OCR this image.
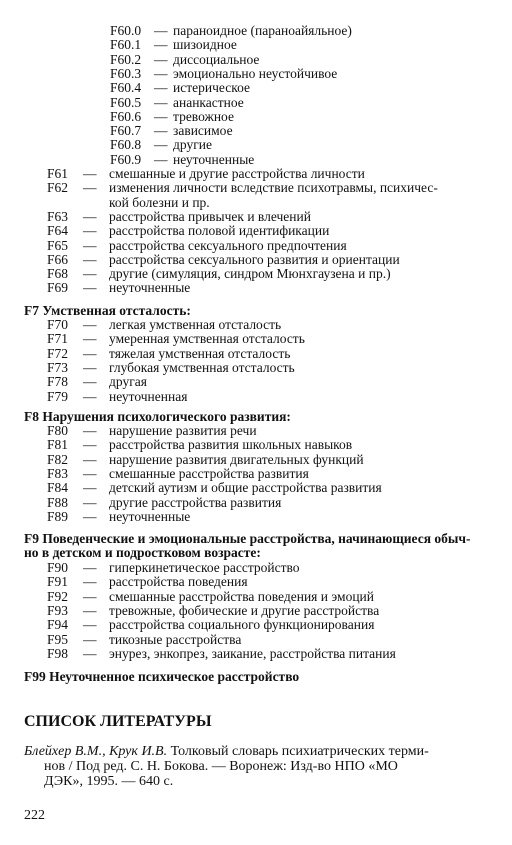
F60.0 — параноидное (параноайяльное)
F60.1 — шизоидное
F60.2 — диссоциальное
F60.3 — эмоционально неустойчивое
F60.4 — истерическое
F60.5 — ананкастное
F60.6 — тревожное
F60.7 — зависимое
F60.8 — другие
F60.9 — неуточненные
F61 — смешанные и другие расстройства личности
F62 — изменения личности вследствие психотравмы, психичес-
кой болезни и пр.
F63 — расстройства привычек и влечений
F64 — расстройства половой идентификации
F65 — расстройства сексуального предпочтения
F66 — расстройства сексуального развития и ориентации
F68 — другие (симуляция, синдром Мюнхгаузена и пр.)
F69 — неуточненные
F7 Умственная отсталость:
F70 — легкая умственная отсталость
F71 — умеренная умственная отсталость
F72 — тяжелая умственная отсталость
F73 — глубокая умственная отсталость
F78 — другая
F79 — неуточненная
F8 Нарушения психологического развития:
F80 — нарушение развития речи
F81 — расстройства развития школьных навыков
F82 — нарушение развития двигательных функций
F83 — смешанные расстройства развития
F84 — детский аутизм и общие расстройства развития
F88 — другие расстройства развития
F89 — неуточненные
F9 Поведенческие и эмоциональные расстройства, начинающиеся обыч-
но в детском и подростковом возрасте:
F90 — гиперкинетическое расстройство
F91 — расстройства поведения
F92 — смешанные расстройства поведения и эмоций
F93 — тревожные, фобические и другие расстройства
F94 — расстройства социального функционирования
F95 — тикозные расстройства
F98 — энурез, энкопрез, заикание, расстройства питания
F99 Неуточненное психическое расстройство
СПИСОК ЛИТЕРАТУРЫ
Блейхер В.М., Крук И.В. Толковый словарь психиатрических терми-
нов / Под ред. С. Н. Бокова. — Воронеж: Изд-во НПО «МО
ДЭК», 1995. — 640 с.
222
